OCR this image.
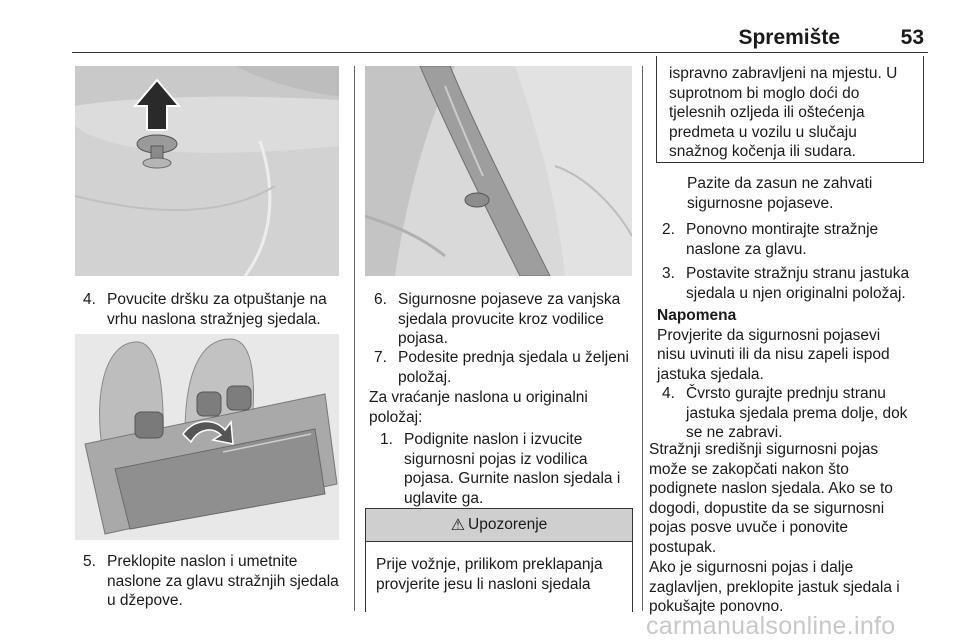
Spremište	53
4. Povucite dršku za otpuštanje na
vrhu naslona stražnjeg sjedala.
5. Preklopite naslon i umetnite
naslone za glavu stražnjih sjedala
u džepove.
6. Sigurnosne pojaseve za vanjska
sjedala provucite kroz vodilice
pojasa.
7. Podesite prednja sjedala u željeni
položaj.
Za vraćanje naslona u originalni
položaj:
1. Podignite naslon i izvucite
sigurnosni pojas iz vodilica
pojasa. Gurnite naslon sjedala i
uglavite ga.
⚠ Upozorenje
Prije vožnje, prilikom preklapanja
provjerite jesu li nasloni sjedala
ispravno zabravljeni na mjestu. U
suprotnom bi moglo doći do
tjelesnih ozljeda ili oštećenja
predmeta u vozilu u slučaju
snažnog kočenja ili sudara.
Pazite da zasun ne zahvati
sigurnosne pojaseve.
2. Ponovno montirajte stražnje
naslone za glavu.
3. Postavite stražnju stranu jastuka
sjedala u njen originalni položaj.
Napomena
Provjerite da sigurnosni pojasevi
nisu uvinuti ili da nisu zapeli ispod
jastuka sjedala.
4. Čvrsto gurajte prednju stranu
jastuka sjedala prema dolje, dok
se ne zabravi.
Stražnji središnji sigurnosni pojas
može se zakopčati nakon što
podignete naslon sjedala. Ako se to
dogodi, dopustite da se sigurnosni
pojas posve uvuče i ponovite
postupak.
Ako je sigurnosni pojas i dalje
zaglavljen, preklopite jastuk sjedala i
pokušajte ponovno.
carmanualsonline.info
